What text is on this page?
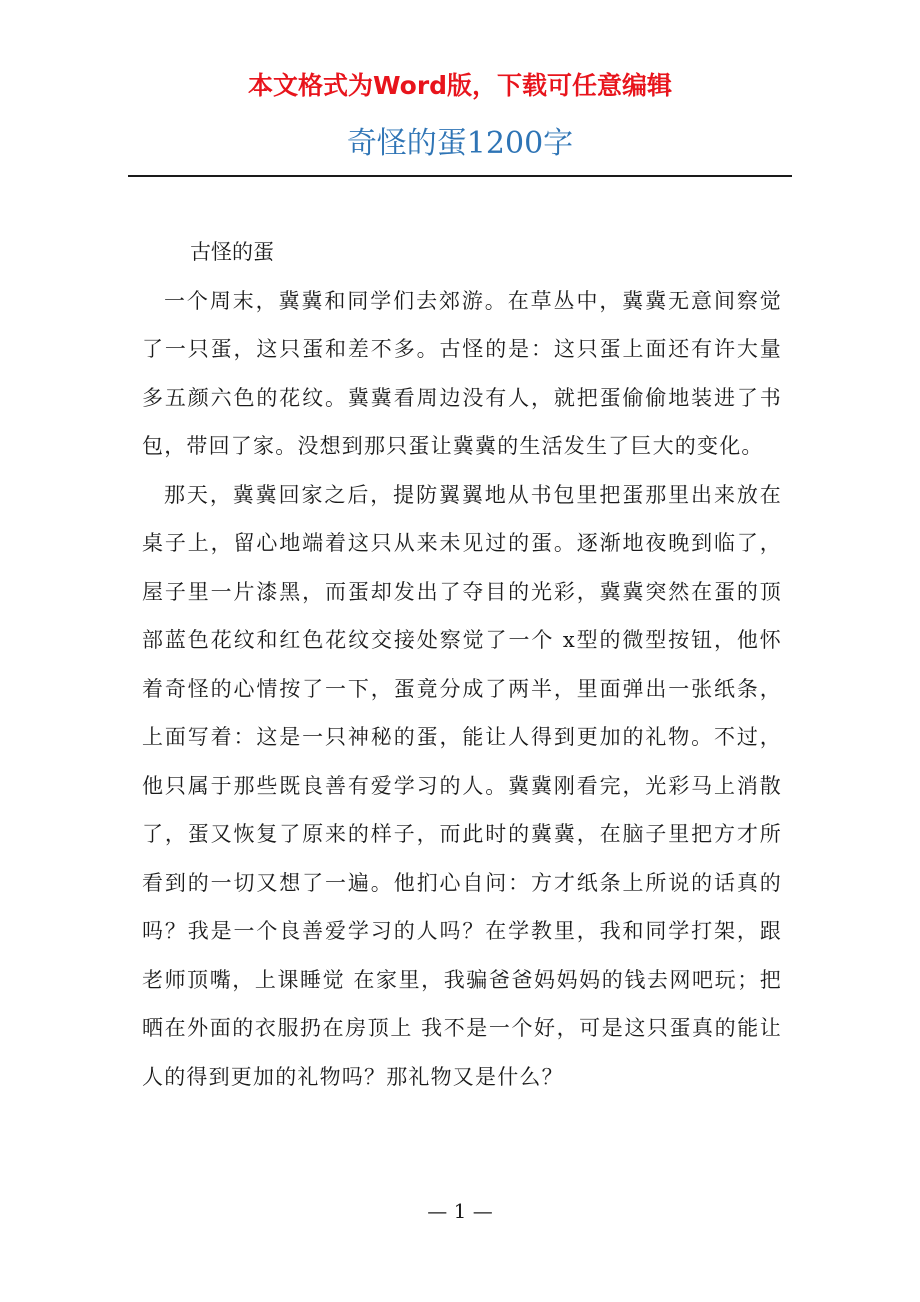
本文格式为Word版，下载可任意编辑
奇怪的蛋1200字

古怪的蛋

一个周末，冀冀和同学们去郊游。在草丛中，冀冀无意间察觉了一只蛋，这只蛋和差不多。古怪的是：这只蛋上面还有许大量多五颜六色的花纹。冀冀看周边没有人，就把蛋偷偷地装进了书包，带回了家。没想到那只蛋让冀冀的生活发生了巨大的变化。

那天，冀冀回家之后，提防翼翼地从书包里把蛋那里出来放在桌子上，留心地端着这只从来未见过的蛋。逐渐地夜晚到临了，屋子里一片漆黑，而蛋却发出了夺目的光彩，冀冀突然在蛋的顶部蓝色花纹和红色花纹交接处察觉了一个 x型的微型按钮，他怀着奇怪的心情按了一下，蛋竟分成了两半，里面弹出一张纸条，上面写着：这是一只神秘的蛋，能让人得到更加的礼物。不过，他只属于那些既良善有爱学习的人。冀冀刚看完，光彩马上消散了，蛋又恢复了原来的样子，而此时的冀冀，在脑子里把方才所看到的一切又想了一遍。他扪心自问：方才纸条上所说的话真的吗？我是一个良善爱学习的人吗？在学教里，我和同学打架，跟老师顶嘴，上课睡觉 在家里，我骗爸爸妈妈妈的钱去网吧玩；把晒在外面的衣服扔在房顶上 我不是一个好，可是这只蛋真的能让人的得到更加的礼物吗？那礼物又是什么？

— 1 —
